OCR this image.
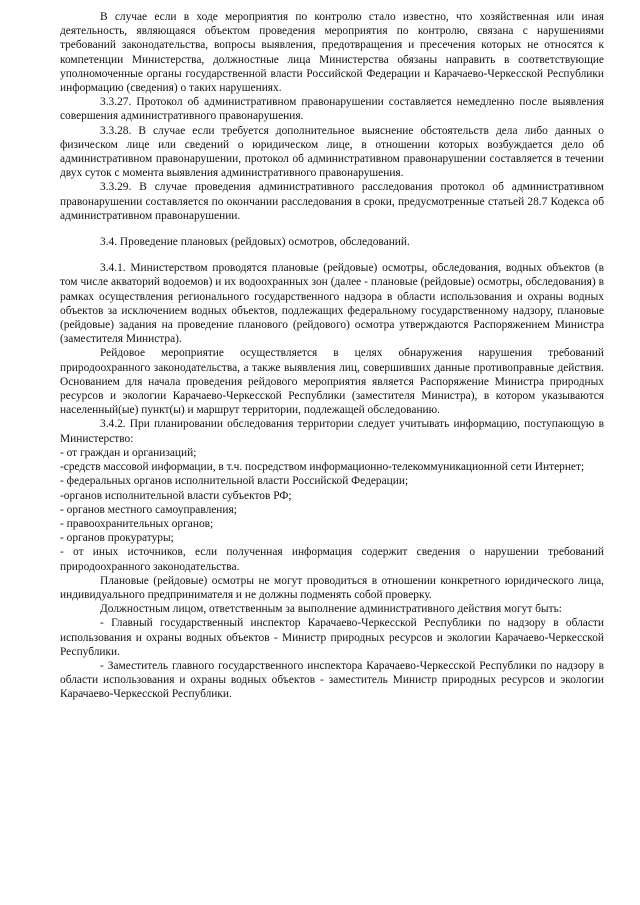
В случае если в ходе мероприятия по контролю стало известно, что хозяйственная или иная деятельность, являющаяся объектом проведения мероприятия по контролю, связана с нарушениями требований законодательства, вопросы выявления, предотвращения и пресечения которых не относятся к компетенции Министерства, должностные лица Министерства обязаны направить в соответствующие уполномоченные органы государственной власти Российской Федерации и Карачаево-Черкесской Республики информацию (сведения) о таких нарушениях.

3.3.27. Протокол об административном правонарушении составляется немедленно после выявления совершения административного правонарушения.

3.3.28. В случае если требуется дополнительное выяснение обстоятельств дела либо данных о физическом лице или сведений о юридическом лице, в отношении которых возбуждается дело об административном правонарушении, протокол об административном правонарушении составляется в течении двух суток с момента выявления административного правонарушения.

3.3.29. В случае проведения административного расследования протокол об административном правонарушении составляется по окончании расследования в сроки, предусмотренные статьей 28.7 Кодекса об административном правонарушении.

3.4. Проведение плановых (рейдовых) осмотров, обследований.

3.4.1. Министерством проводятся плановые (рейдовые) осмотры, обследования, водных объектов (в том числе акваторий водоемов) и их водоохранных зон (далее - плановые (рейдовые) осмотры, обследования) в рамках осуществления регионального государственного надзора в области использования и охраны водных объектов за исключением водных объектов, подлежащих федеральному государственному надзору, плановые (рейдовые) задания на проведение планового (рейдового) осмотра утверждаются Распоряжением Министра (заместителя Министра).

Рейдовое мероприятие осуществляется в целях обнаружения нарушения требований природоохранного законодательства, а также выявления лиц, совершивших данные противоправные действия. Основанием для начала проведения рейдового мероприятия является Распоряжение Министра природных ресурсов и экологии Карачаево-Черкесской Республики (заместителя Министра), в котором указываются населенный(ые) пункт(ы) и маршрут территории, подлежащей обследованию.

3.4.2. При планировании обследования территории следует учитывать информацию, поступающую в Министерство:

- от граждан и организаций;

-средств массовой информации, в т.ч. посредством информационно-телекоммуникационной сети Интернет;

- федеральных органов исполнительной власти Российской Федерации;

-органов исполнительной власти субъектов РФ;

- органов местного самоуправления;

- правоохранительных органов;

- органов прокуратуры;

- от иных источников, если полученная информация содержит сведения о нарушении требований природоохранного законодательства.

Плановые (рейдовые) осмотры не могут проводиться в отношении конкретного юридического лица, индивидуального предпринимателя и не должны подменять собой проверку.

Должностным лицом, ответственным за выполнение административного действия могут быть:

- Главный государственный инспектор Карачаево-Черкесской Республики по надзору в области использования и охраны водных объектов - Министр природных ресурсов и экологии Карачаево-Черкесской Республики.

- Заместитель главного государственного инспектора Карачаево-Черкесской Республики по надзору в области использования и охраны водных объектов - заместитель Министр природных ресурсов и экологии Карачаево-Черкесской Республики.
